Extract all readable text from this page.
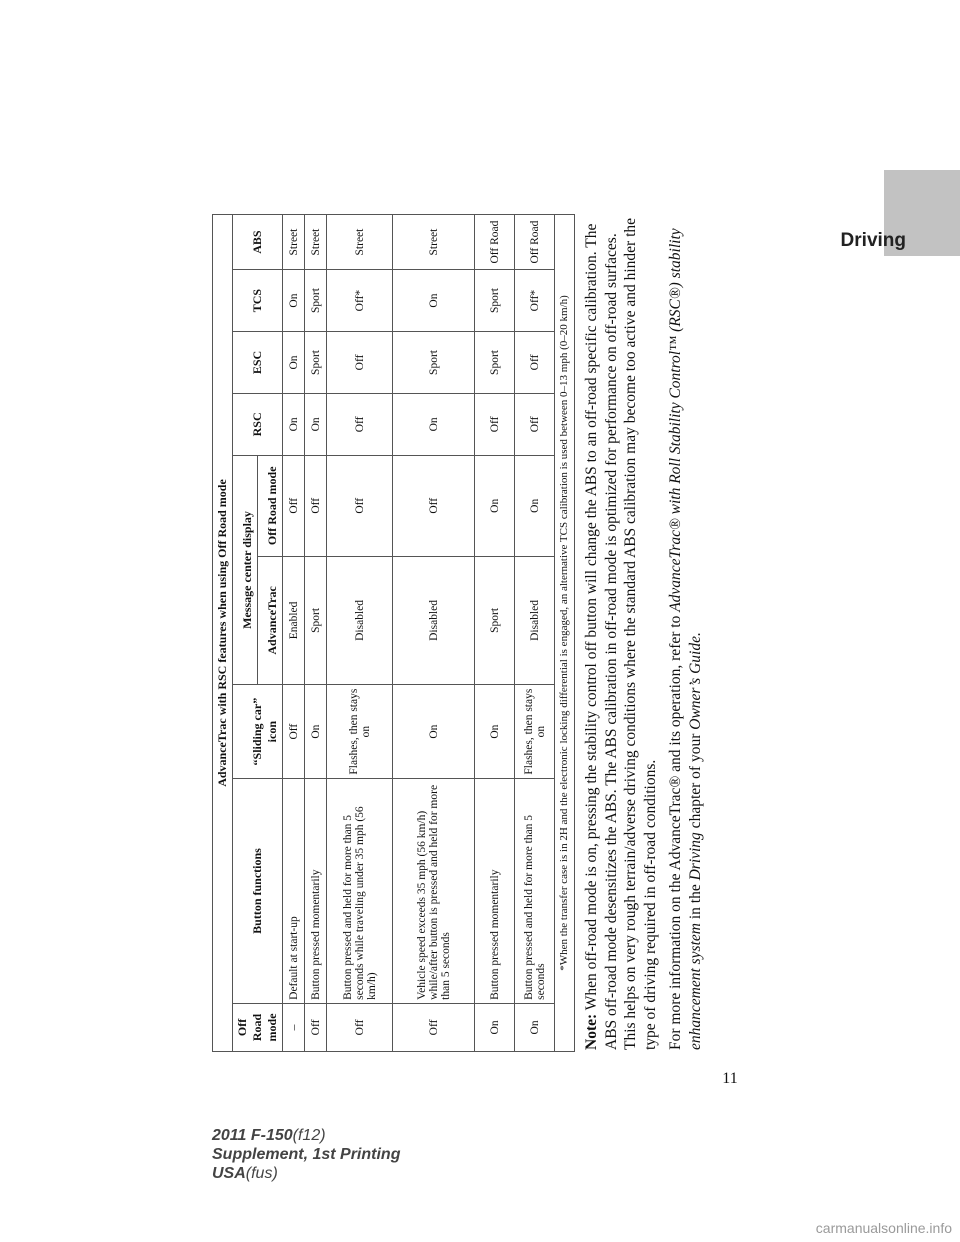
Driving
AdvanceTrac with RSC features when using Off Road mode								
Off Road mode	Button functions	“Sliding car” icon	Message center display		RSC	ESC	TCS	ABS
			AdvanceTrac	Off Road mode				
–	Default at start-up	Off	Enabled	Off	On	On	On	Street
Off	Button pressed momentarily	On	Sport	Off	On	Sport	Sport	Street
Off	Button pressed and held for more than 5 seconds while traveling under 35 mph (56 km/h)	Flashes, then stays on	Disabled	Off	Off	Off	Off*	Street
Off	Vehicle speed exceeds 35 mph (56 km/h) while/after button is pressed and held for more than 5 seconds	On	Disabled	Off	On	Sport	On	Street
On	Button pressed momentarily	On	Sport	On	Off	Sport	Sport	Off Road
On	Button pressed and held for more than 5 seconds	Flashes, then stays on	Disabled	On	Off	Off	Off*	Off Road
*When the transfer case is in 2H and the electronic locking differential is engaged, an alternative TCS calibration is used between 0–13 mph (0–20 km/h)								

Note: When off-road mode is on, pressing the stability control off button will change the ABS to an off-road specific calibration. The ABS off-road mode desensitizes the ABS. The ABS calibration in off-road mode is optimized for performance on off-road surfaces. This helps on very rough terrain/adverse driving conditions where the standard ABS calibration may become too active and hinder the type of driving required in off-road conditions. For more information on the AdvanceTrac® and its operation, refer to AdvanceTrac® with Roll Stability Control™ (RSC®) stability enhancement system in the Driving chapter of your Owner’s Guide.

11
2011 F-150(f12)
Supplement, 1st Printing
USA(fus)
carmanualsonline.info
